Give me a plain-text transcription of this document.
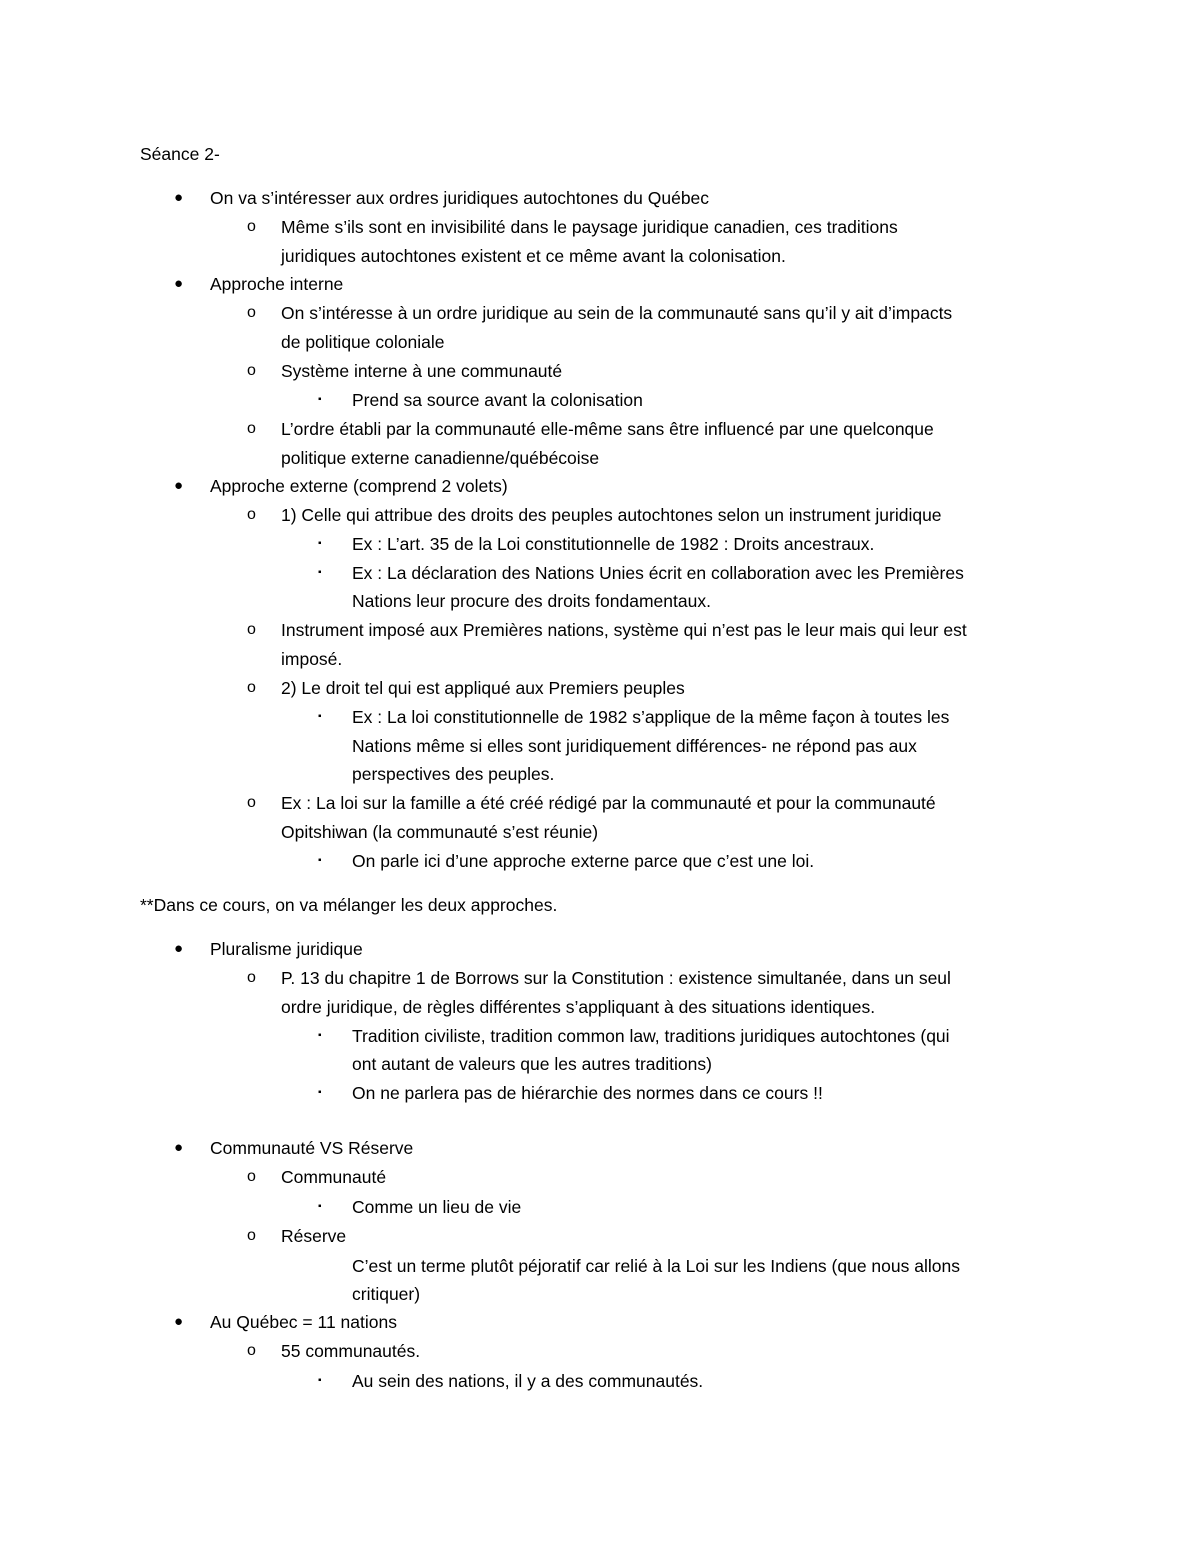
Séance 2-
● On va s’intéresser aux ordres juridiques autochtones du Québec
o Même s’ils sont en invisibilité dans le paysage juridique canadien, ces traditions
juridiques autochtones existent et ce même avant la colonisation.
● Approche interne
o On s’intéresse à un ordre juridique au sein de la communauté sans qu’il y ait d’impacts
de politique coloniale
o Système interne à une communauté
▪ Prend sa source avant la colonisation
o L’ordre établi par la communauté elle-même sans être influencé par une quelconque
politique externe canadienne/québécoise
● Approche externe (comprend 2 volets)
o 1) Celle qui attribue des droits des peuples autochtones selon un instrument juridique
▪ Ex : L’art. 35 de la Loi constitutionnelle de 1982 : Droits ancestraux.
▪ Ex : La déclaration des Nations Unies écrit en collaboration avec les Premières
Nations leur procure des droits fondamentaux.
o Instrument imposé aux Premières nations, système qui n’est pas le leur mais qui leur est
imposé.
o 2) Le droit tel qui est appliqué aux Premiers peuples
▪ Ex : La loi constitutionnelle de 1982 s’applique de la même façon à toutes les
Nations même si elles sont juridiquement différences- ne répond pas aux
perspectives des peuples.
o Ex : La loi sur la famille a été créé rédigé par la communauté et pour la communauté
Opitshiwan (la communauté s’est réunie)
▪ On parle ici d’une approche externe parce que c’est une loi.
**Dans ce cours, on va mélanger les deux approches.
● Pluralisme juridique
o P. 13 du chapitre 1 de Borrows sur la Constitution : existence simultanée, dans un seul
ordre juridique, de règles différentes s’appliquant à des situations identiques.
▪ Tradition civiliste, tradition common law, traditions juridiques autochtones (qui
ont autant de valeurs que les autres traditions)
▪ On ne parlera pas de hiérarchie des normes dans ce cours !!
● Communauté VS Réserve
o Communauté
▪ Comme un lieu de vie
o Réserve
C’est un terme plutôt péjoratif car relié à la Loi sur les Indiens (que nous allons
critiquer)
● Au Québec = 11 nations
o 55 communautés.
▪ Au sein des nations, il y a des communautés.
